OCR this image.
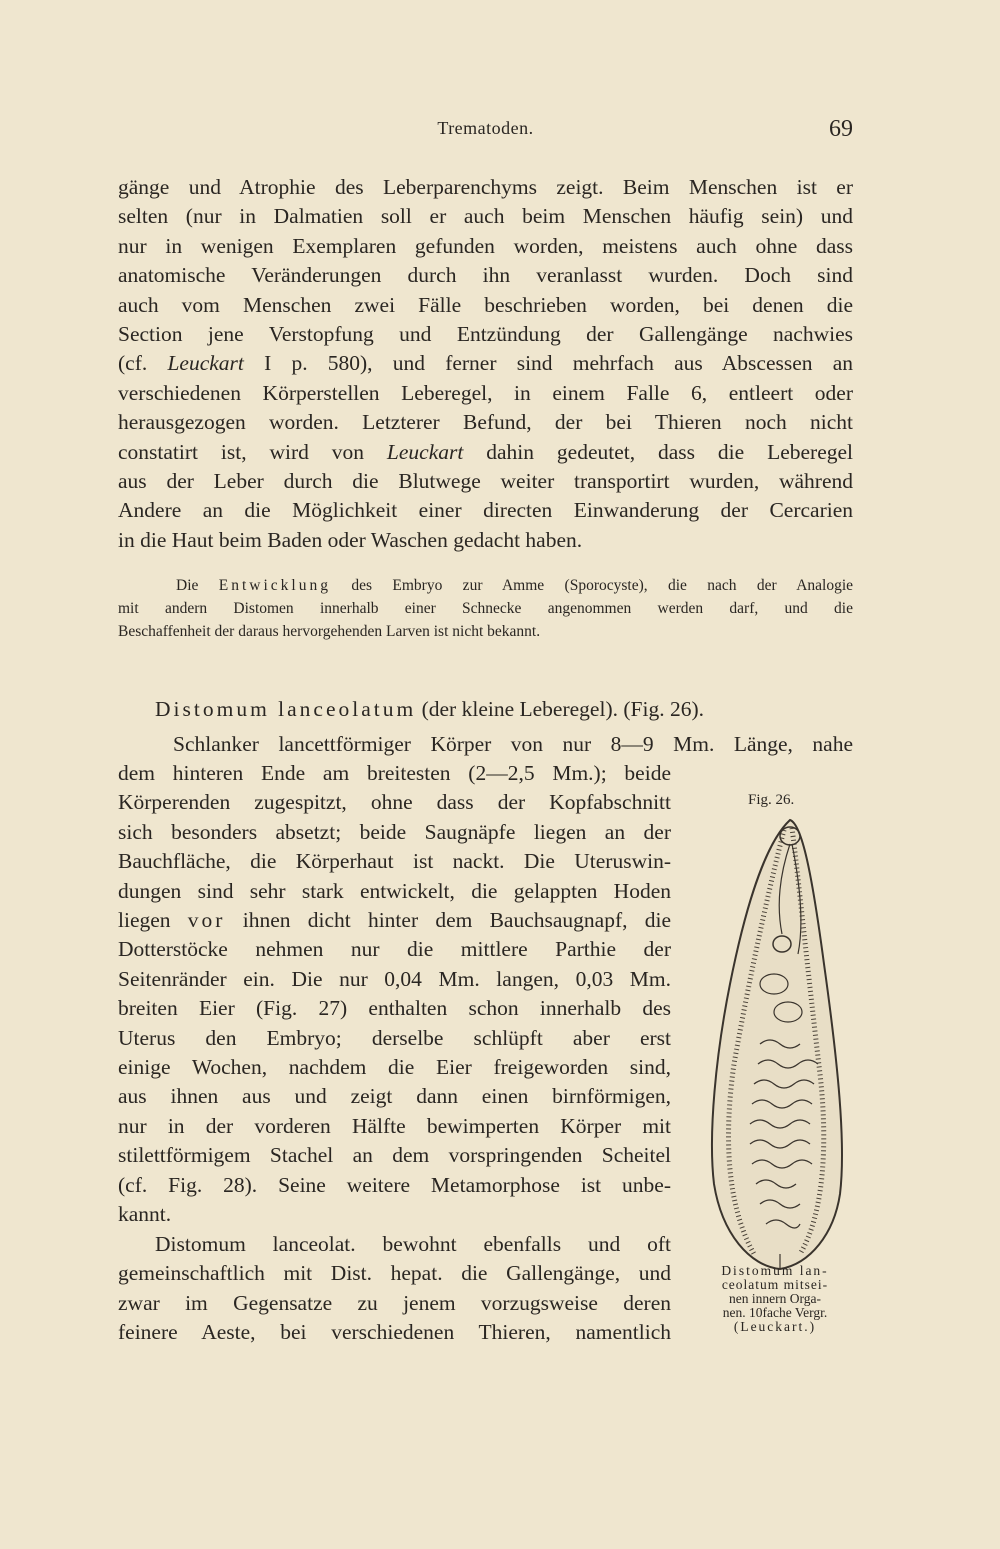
Trematoden.	69
gänge und Atrophie des Leberparenchyms zeigt. Beim Menschen ist er
selten (nur in Dalmatien soll er auch beim Menschen häufig sein) und
nur in wenigen Exemplaren gefunden worden, meistens auch ohne dass
anatomische Veränderungen durch ihn veranlasst wurden. Doch sind
auch vom Menschen zwei Fälle beschrieben worden, bei denen die
Section jene Verstopfung und Entzündung der Gallengänge nachwies
(cf. Leuckart I p. 580), und ferner sind mehrfach aus Abscessen an
verschiedenen Körperstellen Leberegel, in einem Falle 6, entleert oder
herausgezogen worden. Letzterer Befund, der bei Thieren noch nicht
constatirt ist, wird von Leuckart dahin gedeutet, dass die Leberegel
aus der Leber durch die Blutwege weiter transportirt wurden, während
Andere an die Möglichkeit einer directen Einwanderung der Cercarien
in die Haut beim Baden oder Waschen gedacht haben.
Die Entwicklung des Embryo zur Amme (Sporocyste), die nach der Analogie
mit andern Distomen innerhalb einer Schnecke angenommen werden darf, und die
Beschaffenheit der daraus hervorgehenden Larven ist nicht bekannt.
Distomum lanceolatum (der kleine Leberegel). (Fig. 26).
Schlanker lancettförmiger Körper von nur 8—9 Mm. Länge, nahe
dem hinteren Ende am breitesten (2—2,5 Mm.); beide
Körperenden zugespitzt, ohne dass der Kopfabschnitt
sich besonders absetzt; beide Saugnäpfe liegen an der
Bauchfläche, die Körperhaut ist nackt. Die Uteruswin-
dungen sind sehr stark entwickelt, die gelappten Hoden
liegen vor ihnen dicht hinter dem Bauchsaugnapf, die
Dotterstöcke nehmen nur die mittlere Parthie der
Seitenränder ein. Die nur 0,04 Mm. langen, 0,03 Mm.
breiten Eier (Fig. 27) enthalten schon innerhalb des
Uterus den Embryo; derselbe schlüpft aber erst
einige Wochen, nachdem die Eier freigeworden sind,
aus ihnen aus und zeigt dann einen birnförmigen,
nur in der vorderen Hälfte bewimperten Körper mit
stilettförmigem Stachel an dem vorspringenden Scheitel
(cf. Fig. 28). Seine weitere Metamorphose ist unbe-
kannt.
Distomum lanceolat. bewohnt ebenfalls und oft
gemeinschaftlich mit Dist. hepat. die Gallengänge, und
zwar im Gegensatze zu jenem vorzugsweise deren
feinere Aeste, bei verschiedenen Thieren, namentlich
Fig. 26.
Distomum lan-
ceolatum mitsei-
nen innern Orga-
nen. 10fache Vergr.
(Leuckart.)
